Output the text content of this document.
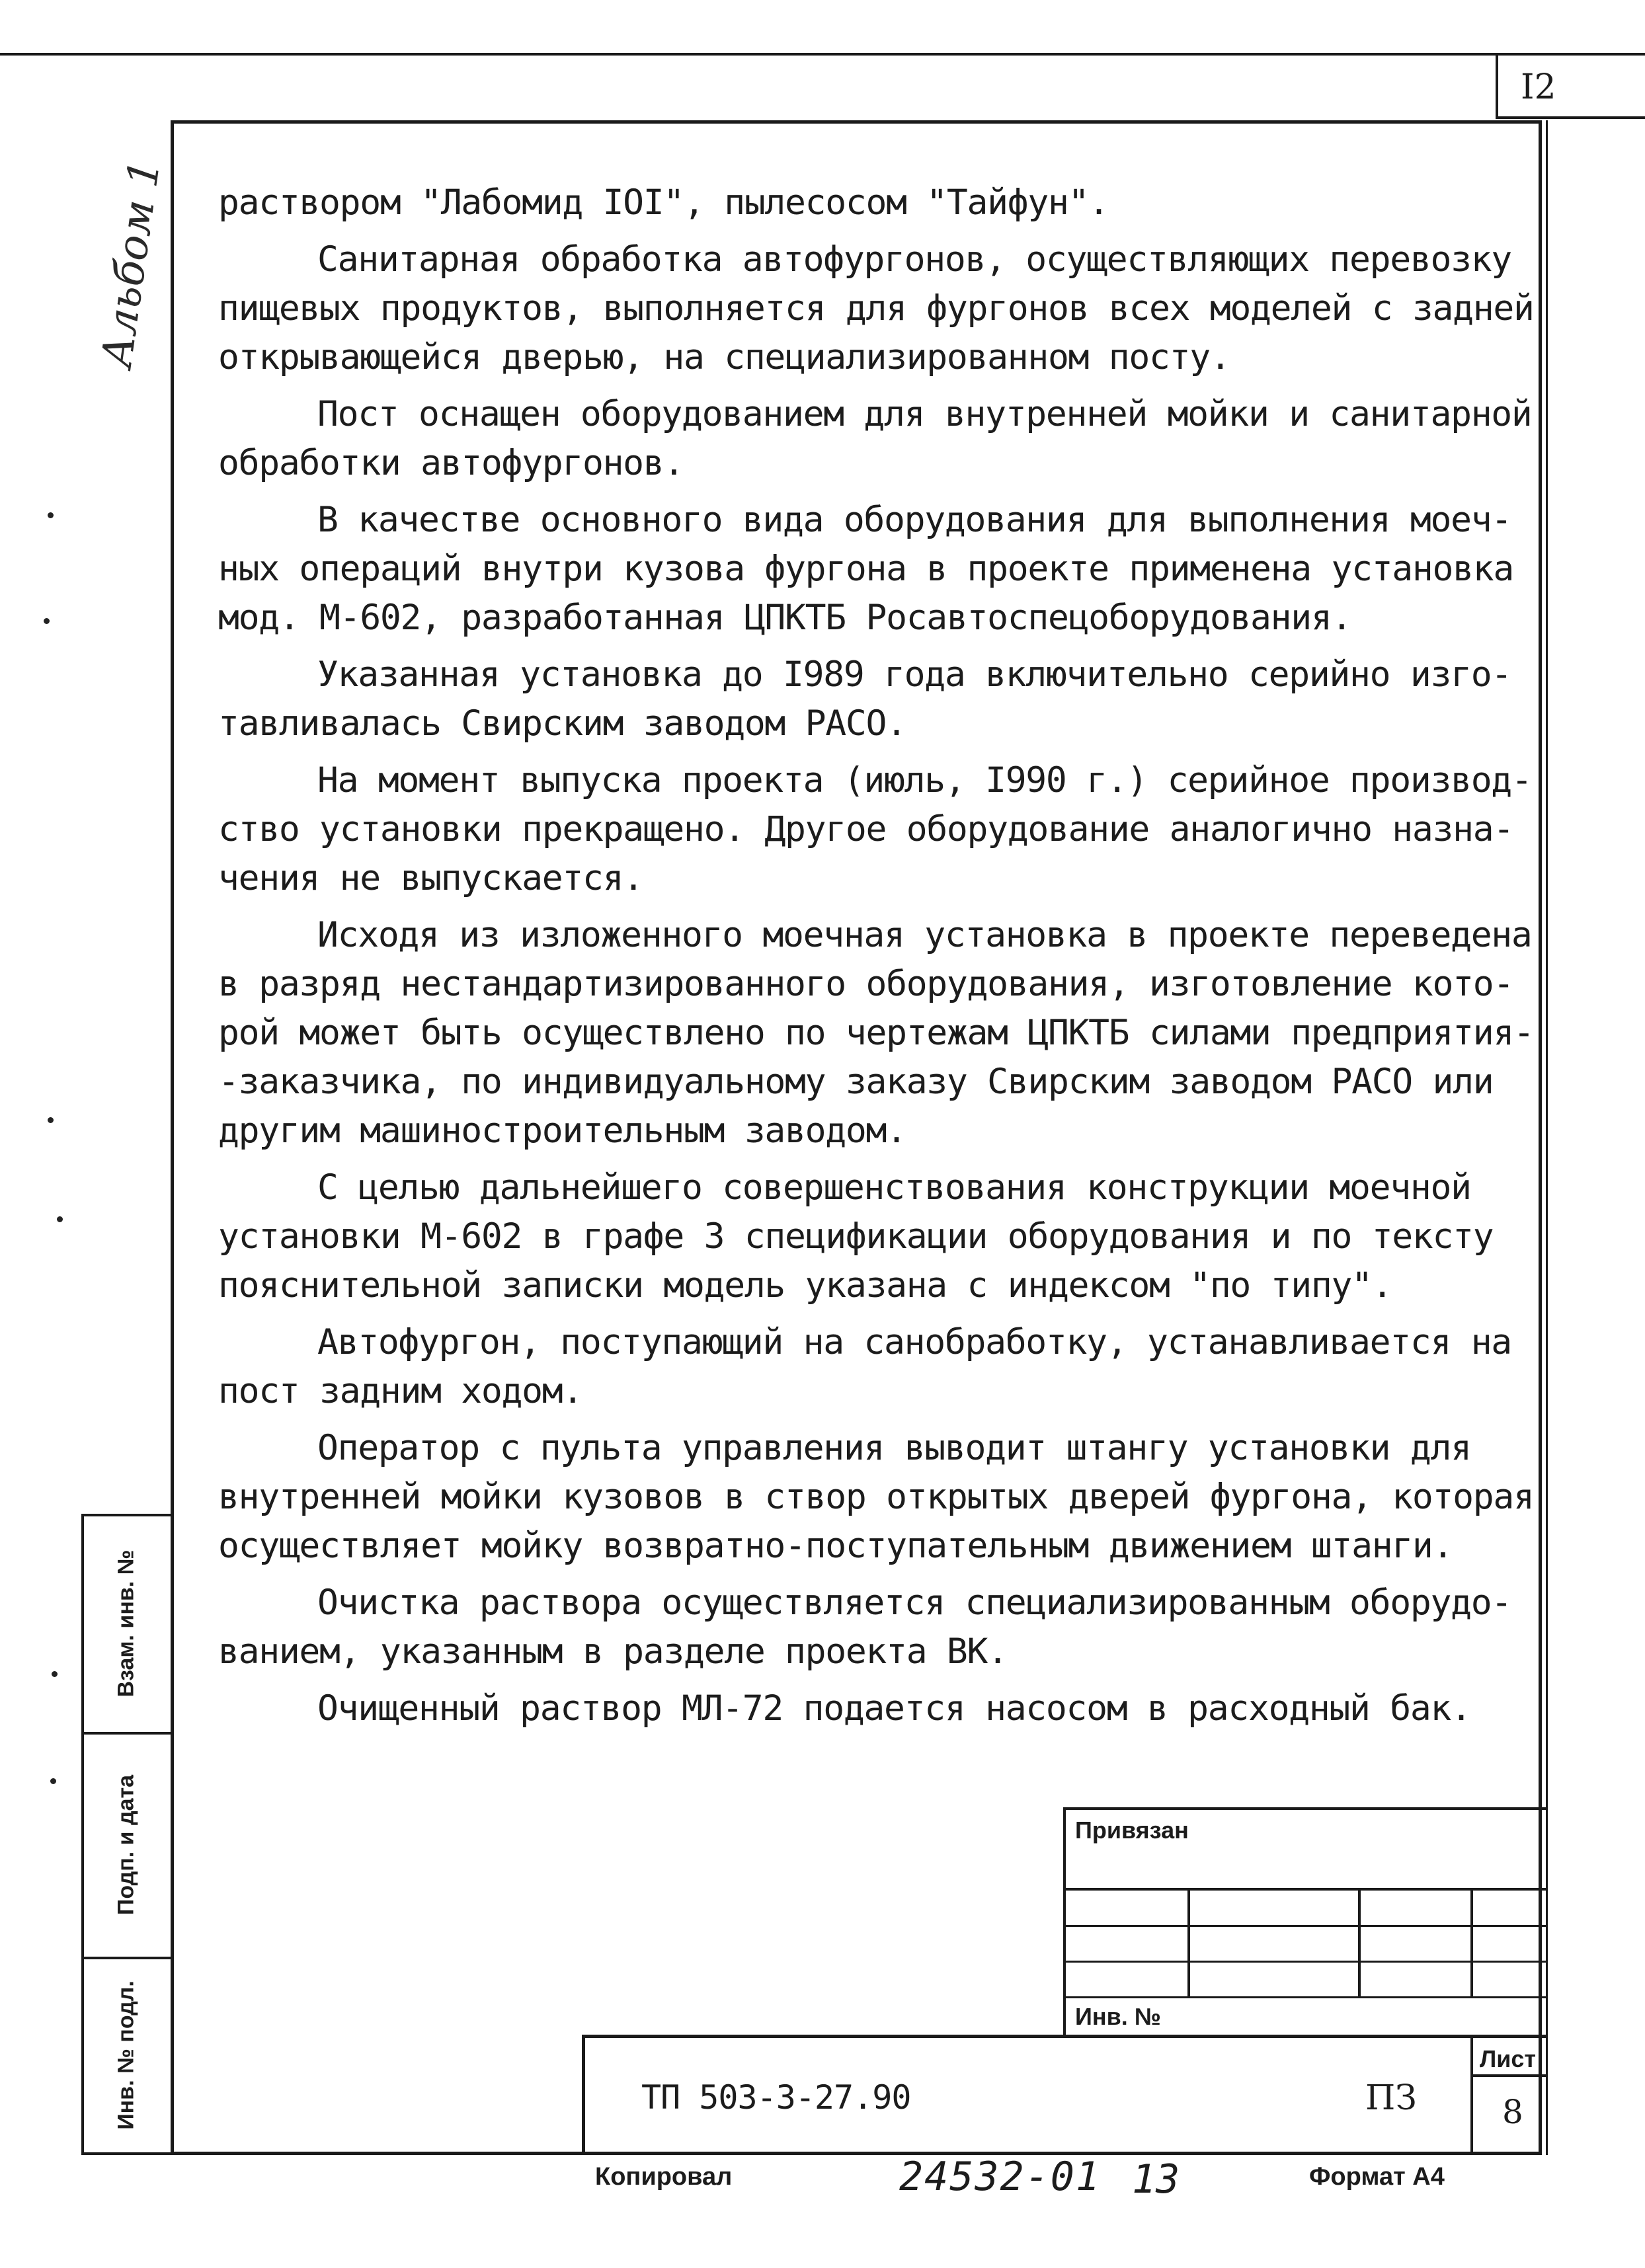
I2

раствором "Лабомид IOI", пылесосом "Тайфун".

Санитарная обработка автофургонов, осуществляющих перевозку

пищевых продуктов, выполняется для фургонов всех моделей с задней

открывающейся дверью, на специализированном посту.

Пост оснащен оборудованием для внутренней мойки и санитарной

обработки автофургонов.

В качестве основного вида оборудования для выполнения моеч-

ных операций внутри кузова фургона в проекте применена установка

мод. М-602, разработанная ЦПКТБ Росавтоспецоборудования.

Указанная установка до I989 года включительно серийно изго-

тавливалась Свирским заводом РАСО.

На момент выпуска проекта (июль, I990 г.) серийное производ-

ство установки прекращено. Другое оборудование аналогично назна-

чения не выпускается.

Исходя из изложенного моечная установка в проекте переведена

в разряд нестандартизированного оборудования, изготовление кото-

рой может быть осуществлено по чертежам ЦПКТБ силами предприятия-

-заказчика, по индивидуальному заказу Свирским заводом РАСО или

другим машиностроительным заводом.

С целью дальнейшего совершенствования конструкции моечной

установки М-602 в графе 3 спецификации оборудования и по тексту

пояснительной записки модель указана с индексом "по типу".

Автофургон, поступающий на санобработку, устанавливается на

пост задним ходом.

Оператор с пульта управления выводит штангу установки для

внутренней мойки кузовов в створ открытых дверей фургона, которая

осуществляет мойку возвратно-поступательным движением штанги.

Очистка раствора осуществляется специализированным оборудо-

ванием, указанным в разделе проекта ВК.

Очищенный раствор МЛ-72 подается насосом в расходный бак.

Альбом 1
Взам. инв. №
Подп. и дата
Инв. № подл.
Привязан
Инв. №
ТП 503-3-27.90	ПЗ
Лист
8
Копировал	24532-01 13	Формат А4
